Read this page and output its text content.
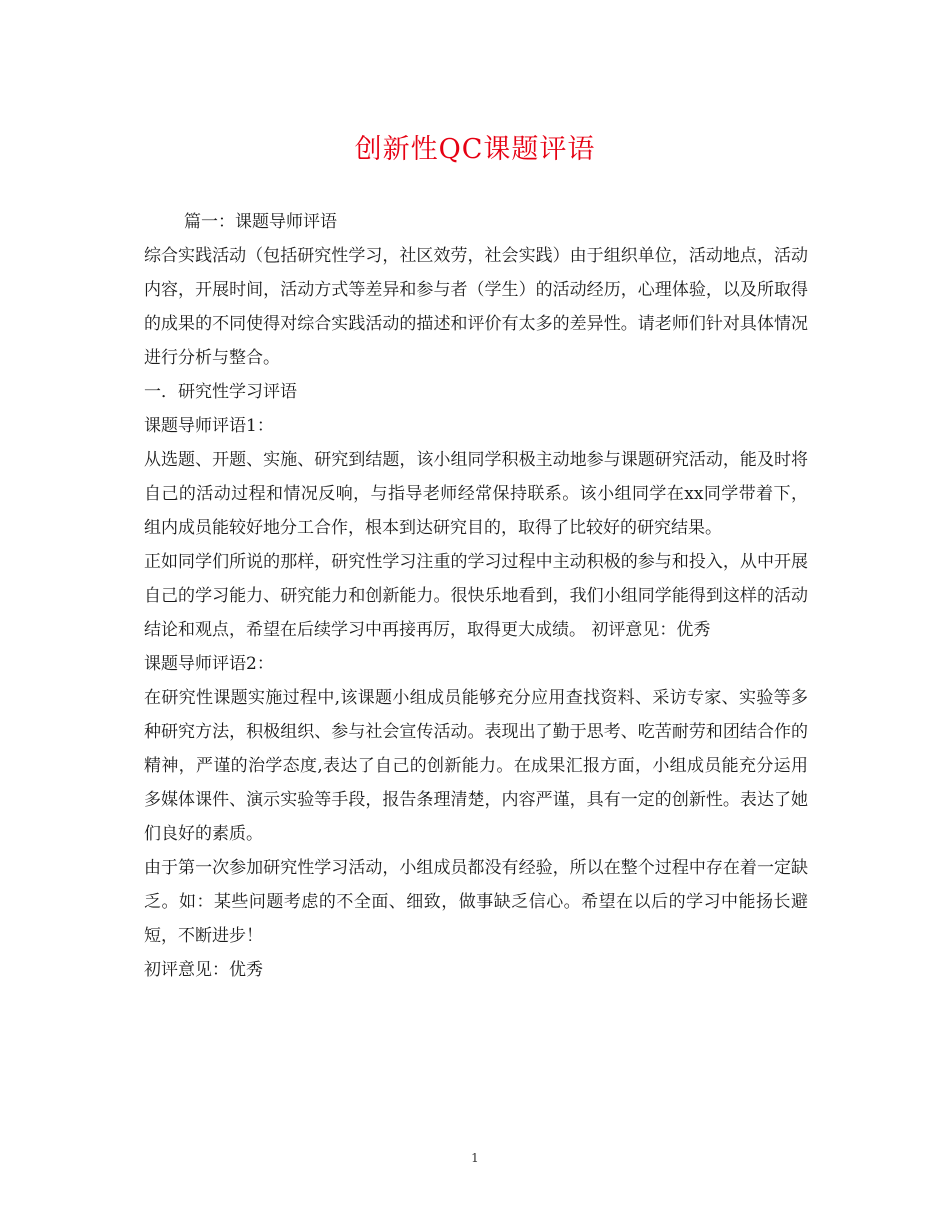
创新性QC课题评语

篇一：课题导师评语

综合实践活动（包括研究性学习，社区效劳，社会实践）由于组织单位，活动地点，活动内容，开展时间，活动方式等差异和参与者（学生）的活动经历，心理体验，以及所取得的成果的不同使得对综合实践活动的描述和评价有太多的差异性。请老师们针对具体情况进行分析与整合。

一．研究性学习评语

课题导师评语1：

从选题、开题、实施、研究到结题，该小组同学积极主动地参与课题研究活动，能及时将自己的活动过程和情况反响，与指导老师经常保持联系。该小组同学在xx同学带着下，组内成员能较好地分工合作，根本到达研究目的，取得了比较好的研究结果。

正如同学们所说的那样，研究性学习注重的学习过程中主动积极的参与和投入，从中开展自己的学习能力、研究能力和创新能力。很快乐地看到，我们小组同学能得到这样的活动结论和观点，希望在后续学习中再接再厉，取得更大成绩。 初评意见：优秀

课题导师评语2：

在研究性课题实施过程中,该课题小组成员能够充分应用查找资料、采访专家、实验等多种研究方法，积极组织、参与社会宣传活动。表现出了勤于思考、吃苦耐劳和团结合作的精神，严谨的治学态度,表达了自己的创新能力。在成果汇报方面，小组成员能充分运用多媒体课件、演示实验等手段，报告条理清楚，内容严谨，具有一定的创新性。表达了她们良好的素质。

由于第一次参加研究性学习活动，小组成员都没有经验，所以在整个过程中存在着一定缺乏。如：某些问题考虑的不全面、细致，做事缺乏信心。希望在以后的学习中能扬长避短，不断进步！

初评意见：优秀

1
